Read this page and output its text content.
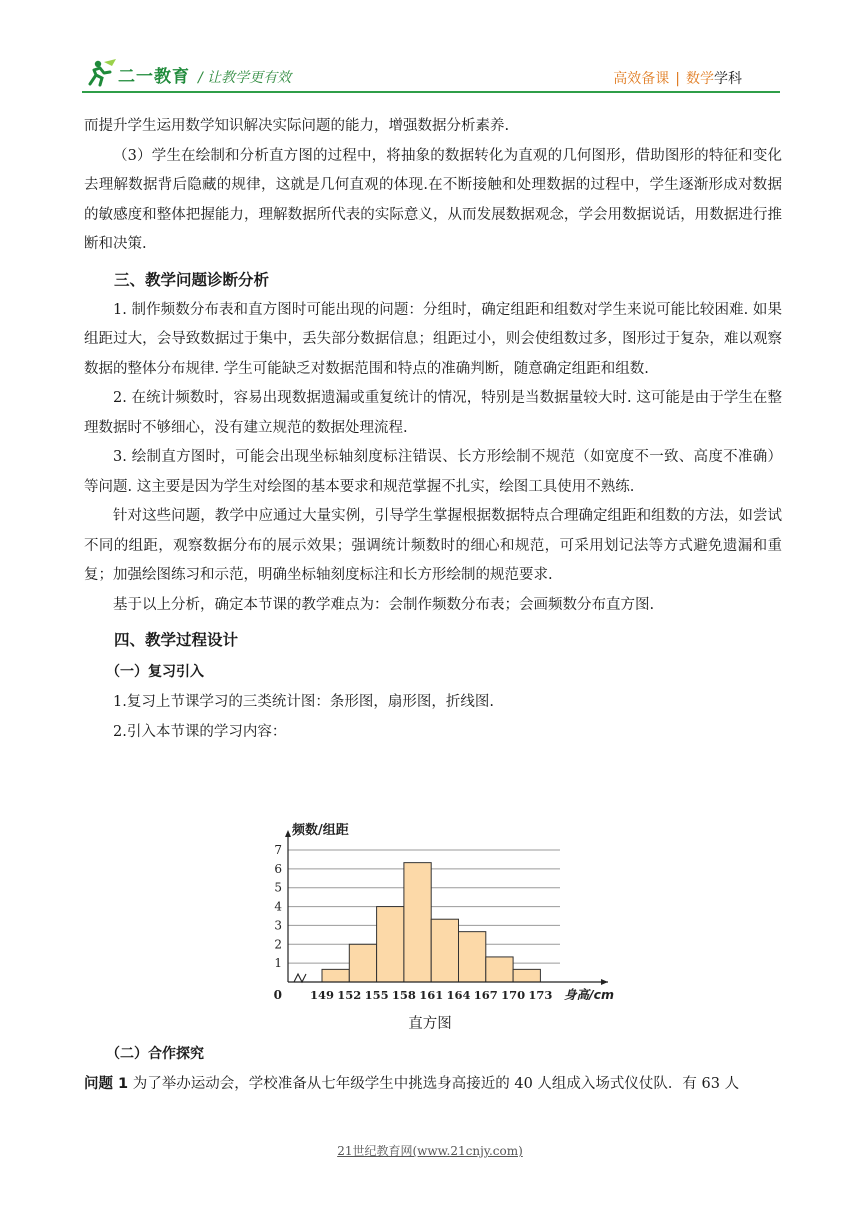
二一教育 / 让教学更有效	高效备课 | 数学学科

而提升学生运用数学知识解决实际问题的能力，增强数据分析素养.

（3）学生在绘制和分析直方图的过程中，将抽象的数据转化为直观的几何图形，借助图形的特征和变化去理解数据背后隐藏的规律，这就是几何直观的体现.在不断接触和处理数据的过程中，学生逐渐形成对数据的敏感度和整体把握能力，理解数据所代表的实际意义，从而发展数据观念，学会用数据说话，用数据进行推断和决策.

三、教学问题诊断分析

1. 制作频数分布表和直方图时可能出现的问题：分组时，确定组距和组数对学生来说可能比较困难. 如果组距过大，会导致数据过于集中，丢失部分数据信息；组距过小，则会使组数过多，图形过于复杂，难以观察数据的整体分布规律. 学生可能缺乏对数据范围和特点的准确判断，随意确定组距和组数.

2. 在统计频数时，容易出现数据遗漏或重复统计的情况，特别是当数据量较大时. 这可能是由于学生在整理数据时不够细心，没有建立规范的数据处理流程.

3. 绘制直方图时，可能会出现坐标轴刻度标注错误、长方形绘制不规范（如宽度不一致、高度不准确）等问题. 这主要是因为学生对绘图的基本要求和规范掌握不扎实，绘图工具使用不熟练.

针对这些问题，教学中应通过大量实例，引导学生掌握根据数据特点合理确定组距和组数的方法，如尝试不同的组距，观察数据分布的展示效果；强调统计频数时的细心和规范，可采用划记法等方式避免遗漏和重复；加强绘图练习和示范，明确坐标轴刻度标注和长方形绘制的规范要求.

基于以上分析，确定本节课的教学难点为：会制作频数分布表；会画频数分布直方图.

四、教学过程设计
（一）复习引入

1.复习上节课学习的三类统计图：条形图，扇形图，折线图.

2.引入本节课的学习内容：

1
2
3
4
5
6
7
149 152 155 158 161 164 167 170 173
0
频数/组距
身高/cm
直方图
（二）合作探究

问题 1 为了举办运动会，学校准备从七年级学生中挑选身高接近的 40 人组成入场式仪仗队．有 63 人

21世纪教育网(www.21cnjy.com)
